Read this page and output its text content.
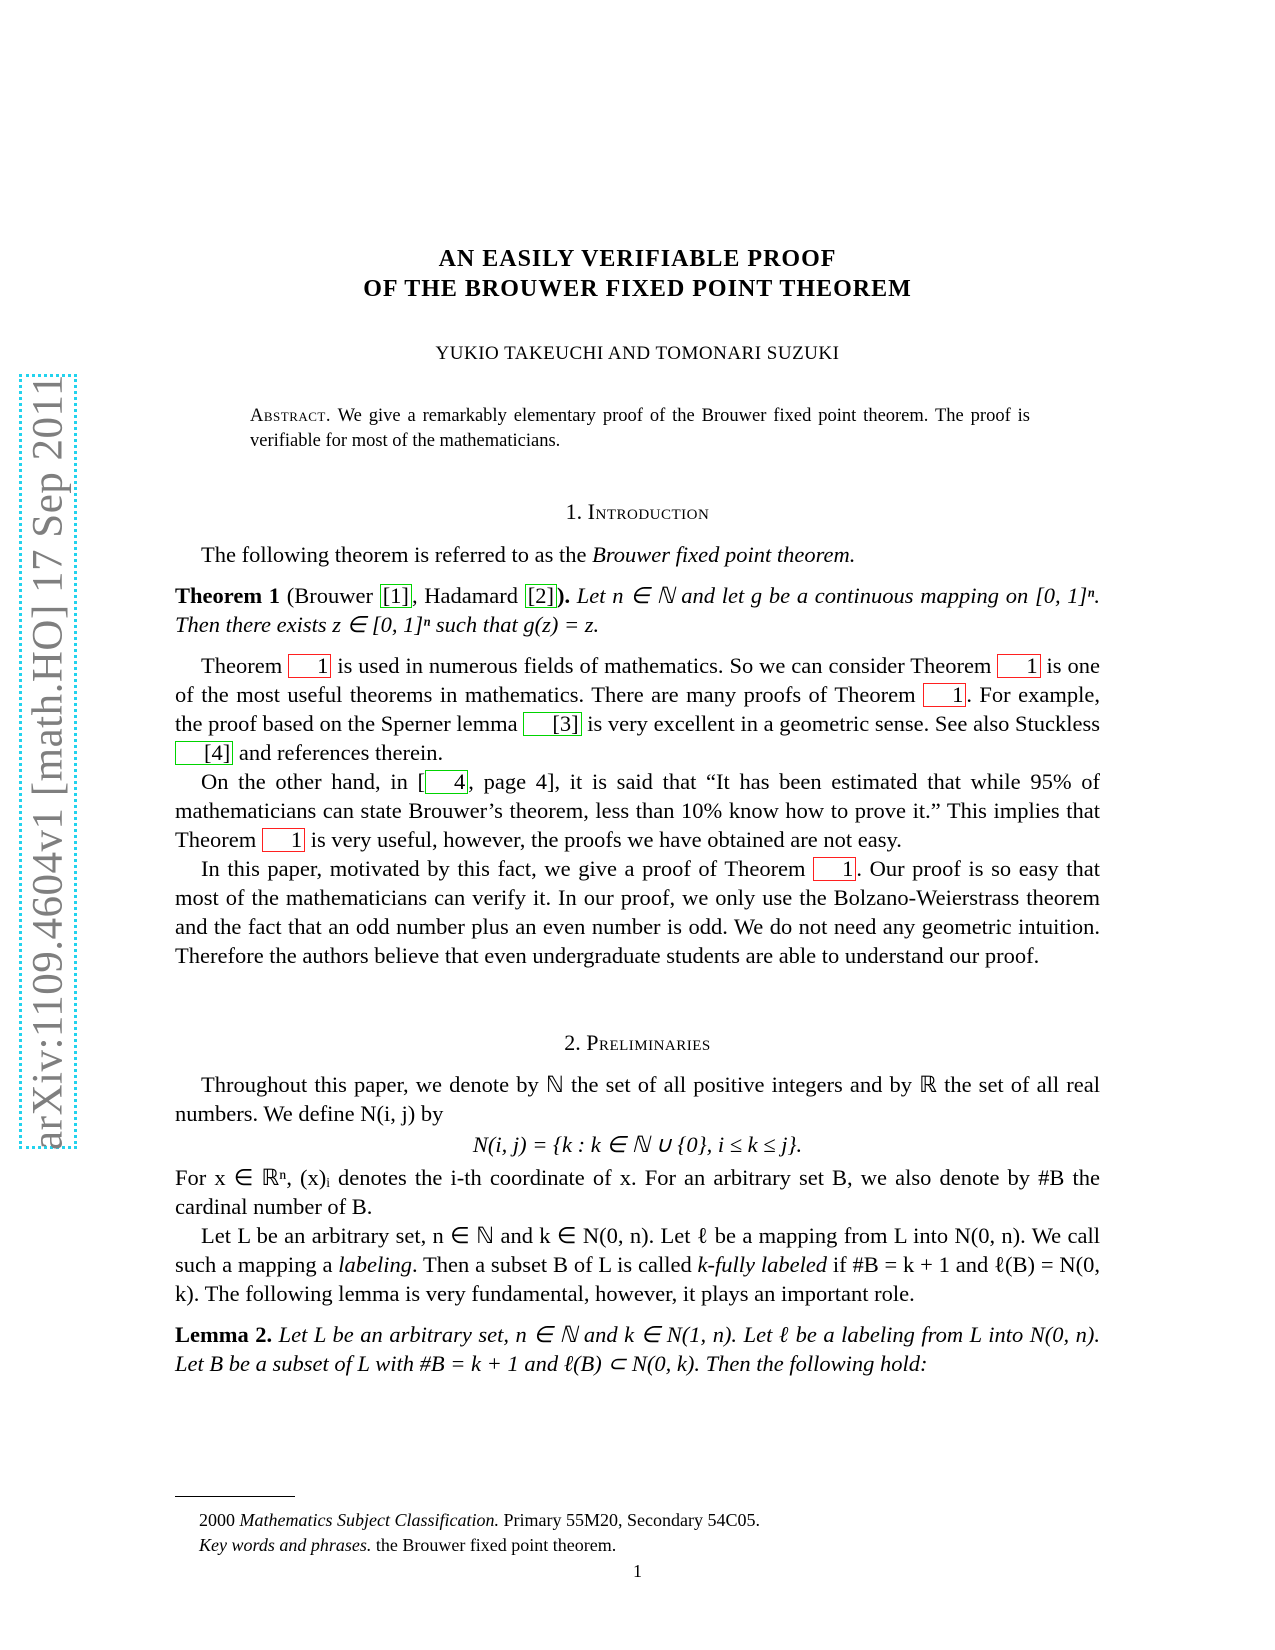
arXiv:1109.4604v1 [math.HO] 17 Sep 2011
AN EASILY VERIFIABLE PROOF
OF THE BROUWER FIXED POINT THEOREM
YUKIO TAKEUCHI AND TOMONARI SUZUKI
Abstract. We give a remarkably elementary proof of the Brouwer fixed point theorem. The proof is verifiable for most of the mathematicians.
1. Introduction

The following theorem is referred to as the Brouwer fixed point theorem.

Theorem 1 (Brouwer [1] , Hadamard [2] ). Let n ∈ ℕ and let g be a continuous mapping on [0, 1]ⁿ. Then there exists z ∈ [0, 1]ⁿ such that g(z) = z.

Theorem 1 is used in numerous fields of mathematics. So we can consider Theorem 1 is one of the most useful theorems in mathematics. There are many proofs of Theorem 1 . For example, the proof based on the Sperner lemma [3] is very excellent in a geometric sense. See also Stuckless [4] and references therein.

On the other hand, in [ 4 , page 4], it is said that “It has been estimated that while 95% of mathematicians can state Brouwer’s theorem, less than 10% know how to prove it.” This implies that Theorem 1 is very useful, however, the proofs we have obtained are not easy.

In this paper, motivated by this fact, we give a proof of Theorem 1 . Our proof is so easy that most of the mathematicians can verify it. In our proof, we only use the Bolzano-Weierstrass theorem and the fact that an odd number plus an even number is odd. We do not need any geometric intuition. Therefore the authors believe that even undergraduate students are able to understand our proof.

2. Preliminaries

Throughout this paper, we denote by ℕ the set of all positive integers and by ℝ the set of all real numbers. We define N(i, j) by

N(i, j) = {k : k ∈ ℕ ∪ {0}, i ≤ k ≤ j}.

For x ∈ ℝⁿ, (x)ᵢ denotes the i-th coordinate of x. For an arbitrary set B, we also denote by #B the cardinal number of B.

Let L be an arbitrary set, n ∈ ℕ and k ∈ N(0, n). Let ℓ be a mapping from L into N(0, n). We call such a mapping a labeling. Then a subset B of L is called k-fully labeled if #B = k + 1 and ℓ(B) = N(0, k). The following lemma is very fundamental, however, it plays an important role.

Lemma 2. Let L be an arbitrary set, n ∈ ℕ and k ∈ N(1, n). Let ℓ be a labeling from L into N(0, n). Let B be a subset of L with #B = k + 1 and ℓ(B) ⊂ N(0, k). Then the following hold:

2000 Mathematics Subject Classification. Primary 55M20, Secondary 54C05.

Key words and phrases. the Brouwer fixed point theorem.

1
